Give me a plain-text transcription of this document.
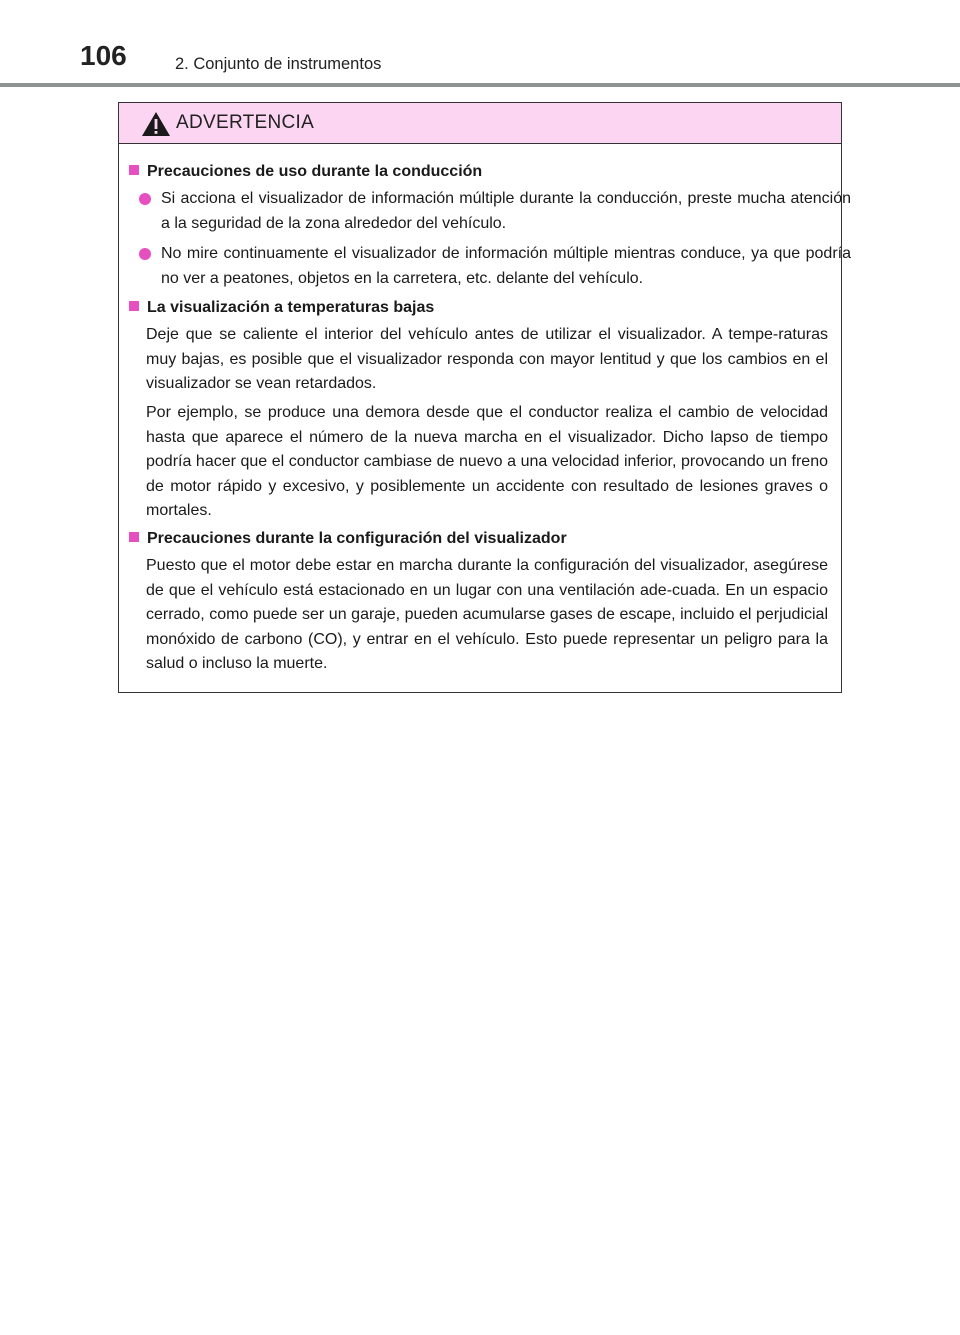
106	2. Conjunto de instrumentos
ADVERTENCIA
Precauciones de uso durante la conducción
Si acciona el visualizador de información múltiple durante la conducción, preste mucha atención a la seguridad de la zona alrededor del vehículo.
No mire continuamente el visualizador de información múltiple mientras conduce, ya que podría no ver a peatones, objetos en la carretera, etc. delante del vehículo.
La visualización a temperaturas bajas
Deje que se caliente el interior del vehículo antes de utilizar el visualizador. A tempe-raturas muy bajas, es posible que el visualizador responda con mayor lentitud y que los cambios en el visualizador se vean retardados.
Por ejemplo, se produce una demora desde que el conductor realiza el cambio de velocidad hasta que aparece el número de la nueva marcha en el visualizador. Dicho lapso de tiempo podría hacer que el conductor cambiase de nuevo a una velocidad inferior, provocando un freno de motor rápido y excesivo, y posiblemente un accidente con resultado de lesiones graves o mortales.
Precauciones durante la configuración del visualizador
Puesto que el motor debe estar en marcha durante la configuración del visualizador, asegúrese de que el vehículo está estacionado en un lugar con una ventilación ade-cuada. En un espacio cerrado, como puede ser un garaje, pueden acumularse gases de escape, incluido el perjudicial monóxido de carbono (CO), y entrar en el vehículo. Esto puede representar un peligro para la salud o incluso la muerte.
